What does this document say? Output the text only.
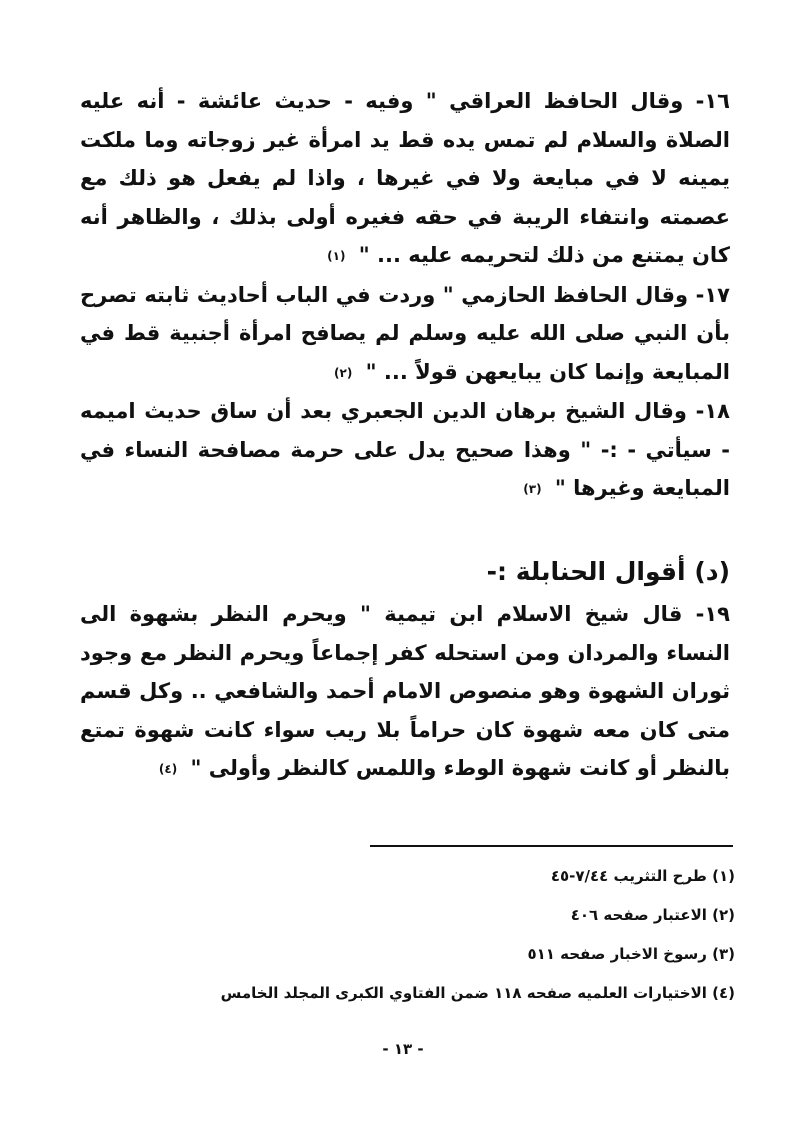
١٦- وقال الحافظ العراقي " وفيه - حديث عائشة - أنه عليه الصلاة والسلام لم تمس يده قط يد امرأة غير زوجاته وما ملكت يمينه لا في مبايعة ولا في غيرها ، واذا لم يفعل هو ذلك مع عصمته وانتفاء الريبة في حقه فغيره أولى بذلك ، والظاهر أنه كان يمتنع من ذلك لتحريمه عليه ... " (١)

١٧- وقال الحافظ الحازمي " وردت في الباب أحاديث ثابته تصرح بأن النبي صلى الله عليه وسلم لم يصافح امرأة أجنبية قط في المبايعة وإنما كان يبايعهن قولاً ... " (٢)

١٨- وقال الشيخ برهان الدين الجعبري بعد أن ساق حديث اميمه - سيأتي - :- " وهذا صحيح يدل على حرمة مصافحة النساء في المبايعة وغيرها " (٣)

(د) أقوال الحنابلة :-

١٩- قال شيخ الاسلام ابن تيمية " ويحرم النظر بشهوة الى النساء والمردان ومن استحله كفر إجماعاً ويحرم النظر مع وجود ثوران الشهوة وهو منصوص الامام أحمد والشافعي .. وكل قسم متى كان معه شهوة كان حراماً بلا ريب سواء كانت شهوة تمتع بالنظر أو كانت شهوة الوطء واللمس كالنظر وأولى " (٤)

(١) طرح التثريب ٧/٤٤-٤٥
(٢) الاعتبار صفحه ٤٠٦
(٣) رسوخ الاخبار صفحه ٥١١
(٤) الاختيارات العلميه صفحه ١١٨ ضمن الفتاوي الكبرى المجلد الخامس
- ١٣ -
